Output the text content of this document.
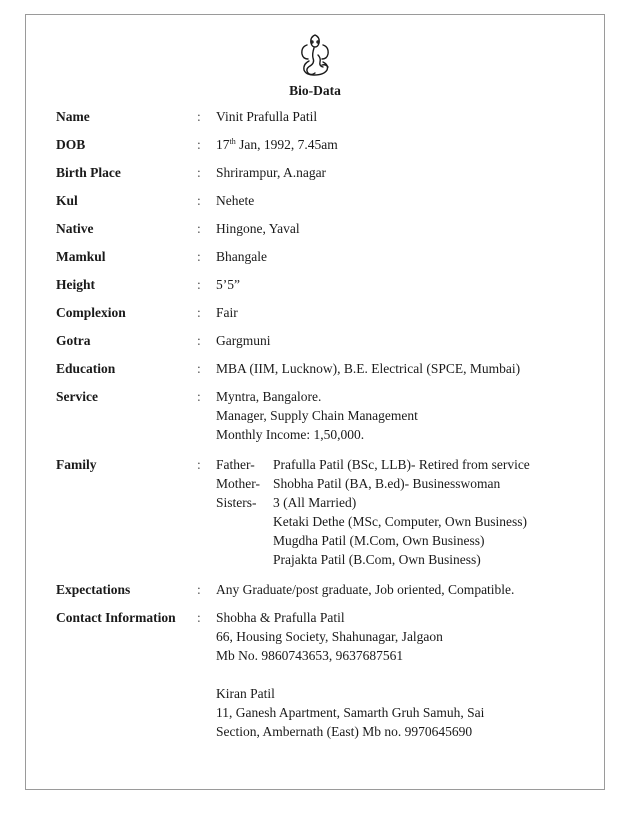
Bio-Data
Name	:	Vinit Prafulla Patil
DOB	:	17th Jan, 1992, 7.45am
Birth Place	:	Shrirampur, A.nagar
Kul	:	Nehete
Native	:	Hingone, Yaval
Mamkul	:	Bhangale
Height	:	5’5”
Complexion	:	Fair
Gotra	:	Gargmuni
Education	:	MBA (IIM, Lucknow), B.E. Electrical (SPCE, Mumbai)
Service	:	Myntra, Bangalore.
Manager, Supply Chain Management
Monthly Income: 1,50,000.
Family	:	Father-	Prafulla Patil (BSc, LLB)- Retired from service
Mother- Shobha Patil (BA, B.ed)- Businesswoman
Sisters-	3 (All Married)
Ketaki Dethe (MSc, Computer, Own Business)
Mugdha Patil (M.Com, Own Business)
Prajakta Patil (B.Com, Own Business)
Expectations	:	Any Graduate/post graduate, Job oriented, Compatible.
Contact Information	:	Shobha & Prafulla Patil
66, Housing Society, Shahunagar, Jalgaon
Mb No. 9860743653, 9637687561
Kiran Patil
11, Ganesh Apartment, Samarth Gruh Samuh, Sai
Section, Ambernath (East) Mb no. 9970645690
